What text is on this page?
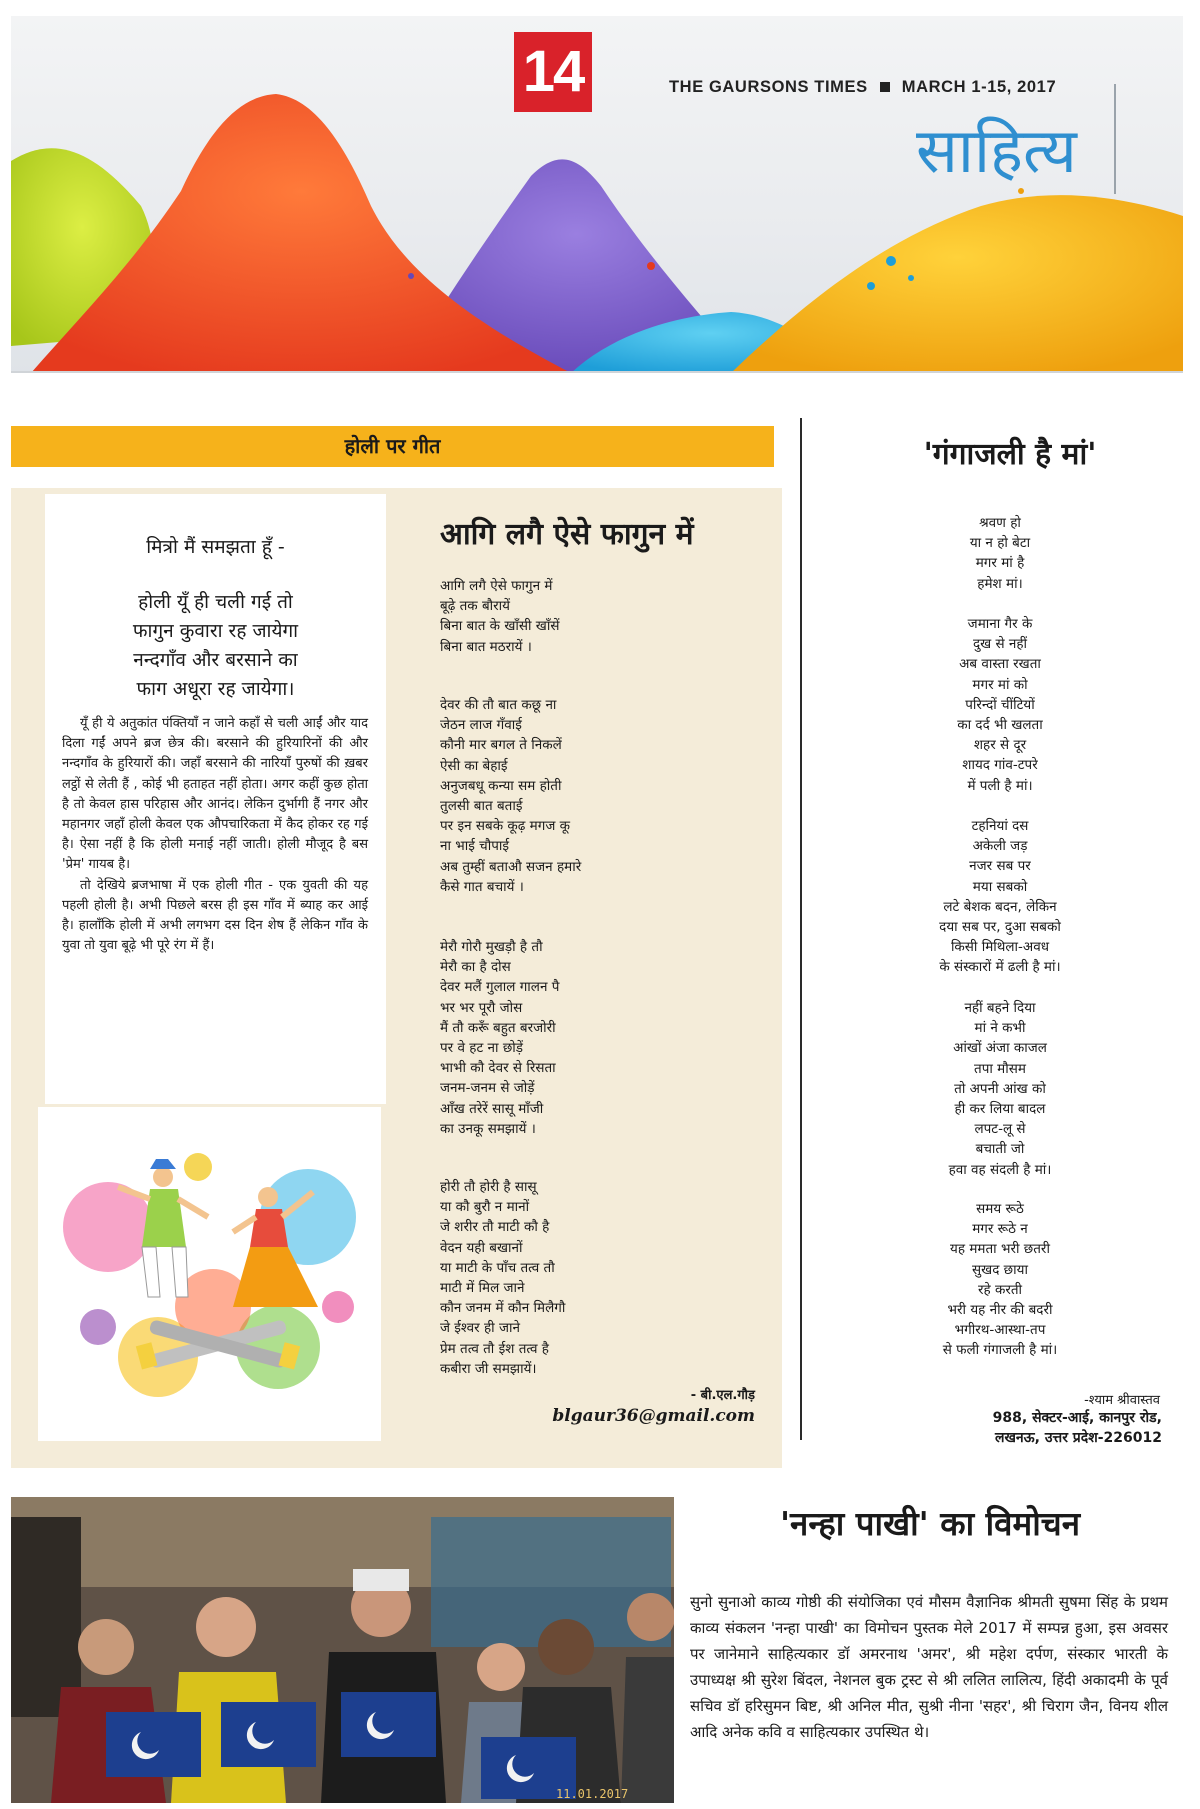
14	THE GAURSONS TIMES MARCH 1-15, 2017
साहित्य
होली पर गीत
मित्रो मैं समझता हूँ -
होली यूँ ही चली गई तो
फागुन कुवारा रह जायेगा
नन्दगाँव और बरसाने का
फाग अधूरा रह जायेगा।

यूँ ही ये अतुकांत पंक्तियाँ न जाने कहाँ से चली आईं और याद दिला गईं अपने ब्रज छेत्र की। बरसाने की हुरियारिनों की और नन्दगाँव के हुरियारों की। जहाँ बरसाने की नारियाँ पुरुषों की ख़बर लट्ठों से लेती हैं , कोई भी हताहत नहीं होता। अगर कहीं कुछ होता है तो केवल हास परिहास और आनंद। लेकिन दुर्भागी हैं नगर और महानगर जहाँ होली केवल एक औपचारिकता में कैद होकर रह गई है। ऐसा नहीं है कि होली मनाई नहीं जाती। होली मौजूद है बस 'प्रेम' गायब है।

तो देखिये ब्रजभाषा में एक होली गीत - एक युवती की यह पहली होली है। अभी पिछले बरस ही इस गाँव में ब्याह कर आई है। हालाँकि होली में अभी लगभग दस दिन शेष हैं लेकिन गाँव के युवा तो युवा बूढ़े भी पूरे रंग में हैं।

आगि लगै ऐसे फागुन में
आगि लगै ऐसे फागुन में
बूढ़े तक बौरायें
बिना बात के खाँसी खाँसें
बिना बात मठरायें ।
देवर की तौ बात कछू ना
जेठन लाज गँवाई
कौनी मार बगल ते निकलें
ऐसी का बेहाई
अनुजबधू कन्या सम होती
तुलसी बात बताई
पर इन सबके कूढ़ मगज कू
ना भाई चौपाई
अब तुम्हीं बताऔ सजन हमारे
कैसे गात बचायें ।
मेरौ गोरौ मुखड़ौ है तौ
मेरौ का है दोस
देवर मलैं गुलाल गालन पै
भर भर पूरौ जोस
मैं तौ करूँ बहुत बरजोरी
पर वे हट ना छोड़ें
भाभी कौ देवर से रिसता
जनम-जनम से जोड़ें
आँख तरेरें सासू माँजी
का उनकू समझायें ।
होरी तौ होरी है सासू
या कौ बुरौ न मानों
जे शरीर तौ माटी कौ है
वेदन यही बखानों
या माटी के पाँच तत्व तौ
माटी में मिल जाने
कौन जनम में कौन मिलैगौ
जे ईश्वर ही जाने
प्रेम तत्व तौ ईश तत्व है
कबीरा जी समझायें।
- बी.एल.गौड़
blgaur36@gmail.com
'गंगाजली है मां'
श्रवण हो
या न हो बेटा
मगर मां है
हमेश मां।
जमाना गैर के
दुख से नहीं
अब वास्ता रखता
मगर मां को
परिन्दों चींटियों
का दर्द भी खलता
शहर से दूर
शायद गांव-टपरे
में पली है मां।
टहनियां दस
अकेली जड़
नजर सब पर
मया सबको
लटे बेशक बदन, लेकिन
दया सब पर, दुआ सबको
किसी मिथिला-अवध
के संस्कारों में ढली है मां।
नहीं बहने दिया
मां ने कभी
आंखों अंजा काजल
तपा मौसम
तो अपनी आंख को
ही कर लिया बादल
लपट-लू से
बचाती जो
हवा वह संदली है मां।
समय रूठे
मगर रूठे न
यह ममता भरी छतरी
सुखद छाया
रहे करती
भरी यह नीर की बदरी
भगीरथ-आस्था-तप
से फली गंगाजली है मां।
-श्याम श्रीवास्तव
988, सेक्टर-आई, कानपुर रोड,
लखनऊ, उत्तर प्रदेश-226012
11.01.2017
'नन्हा पाखी' का विमोचन
सुनो सुनाओ काव्य गोष्ठी की संयोजिका एवं मौसम वैज्ञानिक श्रीमती सुषमा सिंह के प्रथम काव्य संकलन 'नन्हा पाखी' का विमोचन पुस्तक मेले 2017 में सम्पन्न हुआ, इस अवसर पर जानेमाने साहित्यकार डॉ अमरनाथ 'अमर', श्री महेश दर्पण, संस्कार भारती के उपाध्यक्ष श्री सुरेश बिंदल, नेशनल बुक ट्रस्ट से श्री ललित लालित्य, हिंदी अकादमी के पूर्व सचिव डॉ हरिसुमन बिष्ट, श्री अनिल मीत, सुश्री नीना 'सहर', श्री चिराग जैन, विनय शील आदि अनेक कवि व साहित्यकार उपस्थित थे।
